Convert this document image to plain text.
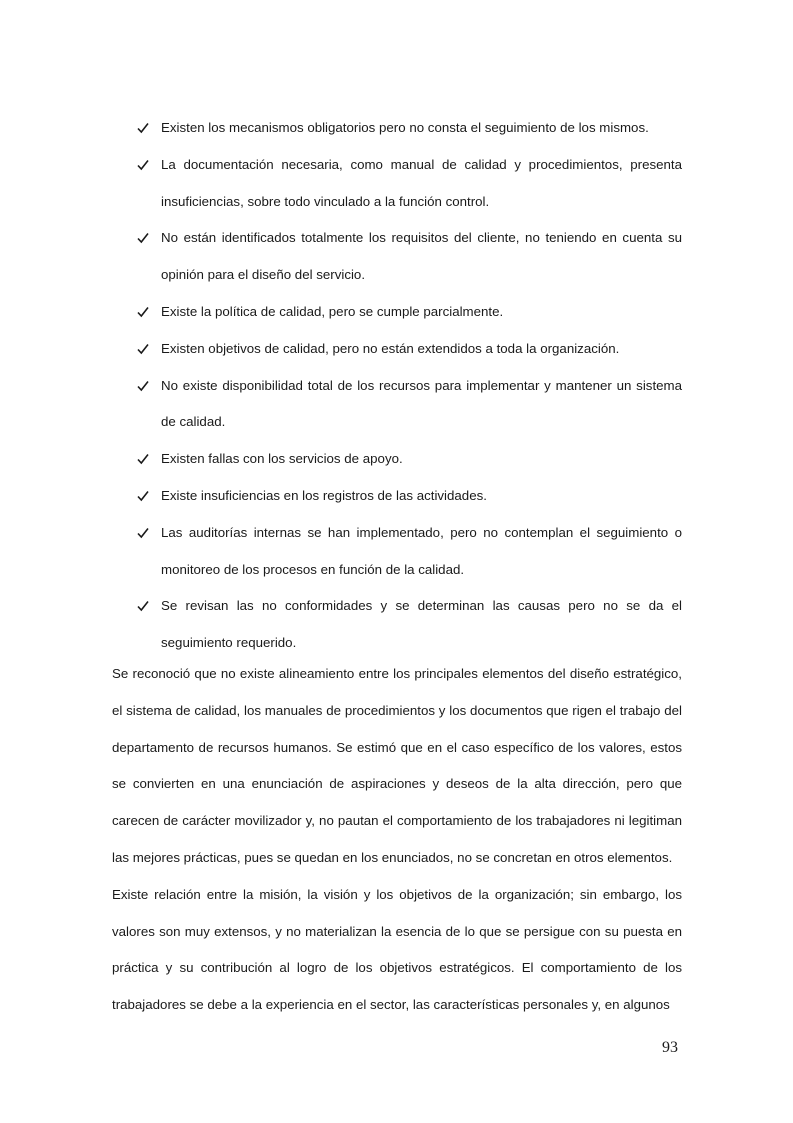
Existen los mecanismos obligatorios pero no consta el seguimiento de los mismos.
La documentación necesaria, como manual de calidad y procedimientos, presenta insuficiencias, sobre todo vinculado a la función control.
No están identificados totalmente los requisitos del cliente, no teniendo en cuenta su opinión para el diseño del servicio.
Existe la política de calidad, pero se cumple parcialmente.
Existen objetivos de calidad, pero no están extendidos a toda la organización.
No existe disponibilidad total de los recursos para implementar y mantener un sistema de calidad.
Existen fallas con los servicios de apoyo.
Existe insuficiencias en los registros de las actividades.
Las auditorías internas se han implementado, pero no contemplan el seguimiento o monitoreo de los procesos en función de la calidad.
Se revisan las no conformidades y se determinan las causas pero no se da el seguimiento requerido.

Se reconoció que no existe alineamiento entre los principales elementos del diseño estratégico, el sistema de calidad, los manuales de procedimientos y los documentos que rigen el trabajo del departamento de recursos humanos. Se estimó que en el caso específico de los valores, estos se convierten en una enunciación de aspiraciones y deseos de la alta dirección, pero que carecen de carácter movilizador y, no pautan el comportamiento de los trabajadores ni legitiman las mejores prácticas, pues se quedan en los enunciados, no se concretan en otros elementos.

Existe relación entre la misión, la visión y los objetivos de la organización; sin embargo, los valores son muy extensos, y no materializan la esencia de lo que se persigue con su puesta en práctica y su contribución al logro de los objetivos estratégicos. El comportamiento de los trabajadores se debe a la experiencia en el sector, las características personales y, en algunos

93
